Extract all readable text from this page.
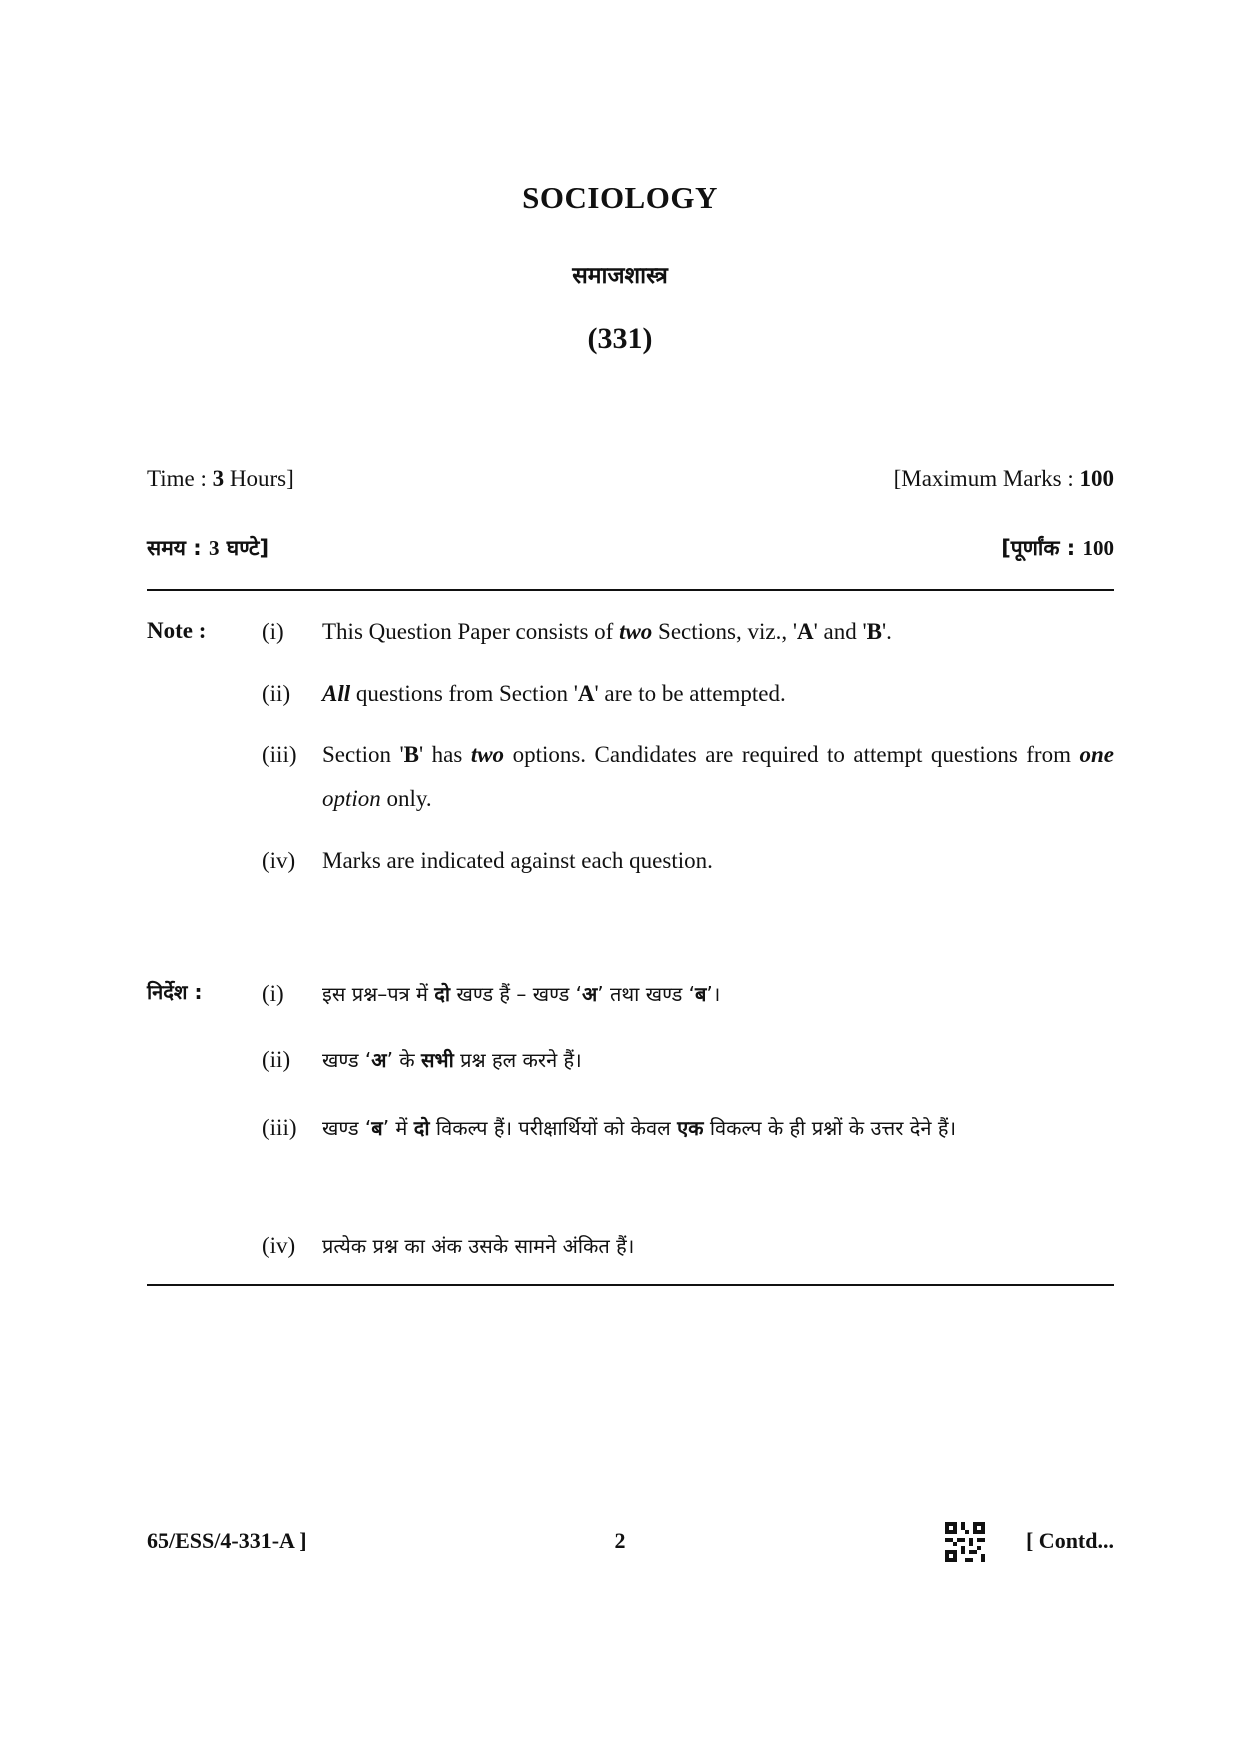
SOCIOLOGY
समाजशास्त्र
(331)
Time : 3 Hours]	[Maximum Marks : 100
समय : 3 घण्टे]	[पूर्णांक : 100
Note : (i)	This Question Paper consists of two Sections, viz., 'A' and 'B'.
(ii)	All questions from Section 'A' are to be attempted.
(iii)	Section 'B' has two options. Candidates are required to attempt questions from one option only.
(iv)	Marks are indicated against each question.
निर्देश :	(i)	इस प्रश्न–पत्र में दो खण्ड हैं – खण्ड ‘अ’ तथा खण्ड ‘ब’।
(ii)	खण्ड ‘अ’ के सभी प्रश्न हल करने हैं।
(iii)	खण्ड ‘ब’ में दो विकल्प हैं। परीक्षार्थियों को केवल एक विकल्प के ही प्रश्नों के उत्तर देने हैं।
(iv)	प्रत्येक प्रश्न का अंक उसके सामने अंकित हैं।
65/ESS/4-331-A ]	2	[ Contd...
